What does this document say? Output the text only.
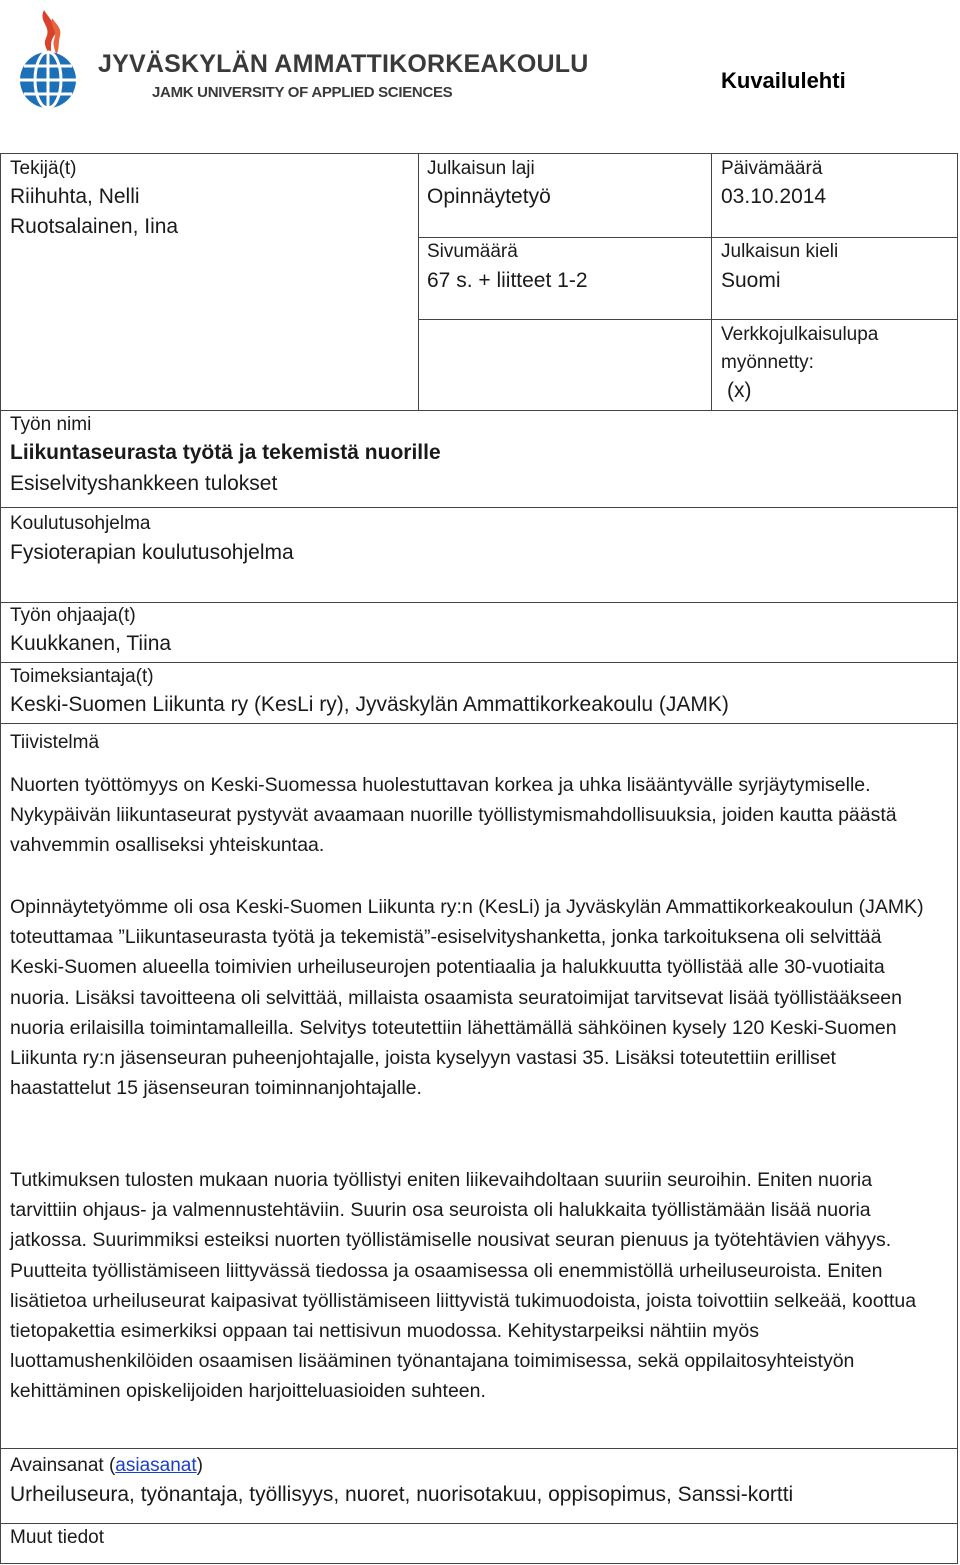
JYVÄSKYLÄN AMMATTIKORKEAKOULU
JAMK UNIVERSITY OF APPLIED SCIENCES	Kuvailulehti
Tekijä(t)
Riihuhta, Nelli
Ruotsalainen, Iina
Julkaisun laji
Opinnäytetyö
Päivämäärä
03.10.2014
Sivumäärä
67 s. + liitteet 1-2
Julkaisun kieli
Suomi
Verkkojulkaisulupa
myönnetty:
(x)
Työn nimi
Liikuntaseurasta työtä ja tekemistä nuorille
Esiselvityshankkeen tulokset
Koulutusohjelma
Fysioterapian koulutusohjelma
Työn ohjaaja(t)
Kuukkanen, Tiina
Toimeksiantaja(t)
Keski-Suomen Liikunta ry (KesLi ry), Jyväskylän Ammattikorkeakoulu (JAMK)
Tiivistelmä

Nuorten työttömyys on Keski-Suomessa huolestuttavan korkea ja uhka lisääntyvälle syrjäytymiselle. Nykypäivän liikuntaseurat pystyvät avaamaan nuorille työllistymismahdollisuuksia, joiden kautta päästä vahvemmin osalliseksi yhteiskuntaa.

Opinnäytetyömme oli osa Keski-Suomen Liikunta ry:n (KesLi) ja Jyväskylän Ammattikorkeakoulun (JAMK) toteuttamaa ”Liikuntaseurasta työtä ja tekemistä”-esiselvityshanketta, jonka tarkoituksena oli selvittää Keski-Suomen alueella toimivien urheiluseurojen potentiaalia ja halukkuutta työllistää alle 30-vuotiaita nuoria. Lisäksi tavoitteena oli selvittää, millaista osaamista seuratoimijat tarvitsevat lisää työllistääkseen nuoria erilaisilla toimintamalleilla. Selvitys toteutettiin lähettämällä sähköinen kysely 120 Keski-Suomen Liikunta ry:n jäsenseuran puheenjohtajalle, joista kyselyyn vastasi 35. Lisäksi toteutettiin erilliset haastattelut 15 jäsenseuran toiminnanjohtajalle.

Tutkimuksen tulosten mukaan nuoria työllistyi eniten liikevaihdoltaan suuriin seuroihin. Eniten nuoria tarvittiin ohjaus- ja valmennustehtäviin. Suurin osa seuroista oli halukkaita työllistämään lisää nuoria jatkossa. Suurimmiksi esteiksi nuorten työllistämiselle nousivat seuran pienuus ja työtehtävien vähyys. Puutteita työllistämiseen liittyvässä tiedossa ja osaamisessa oli enemmistöllä urheiluseuroista. Eniten lisätietoa urheiluseurat kaipasivat työllistämiseen liittyvistä tukimuodoista, joista toivottiin selkeää, koottua tietopakettia esimerkiksi oppaan tai nettisivun muodossa. Kehitystarpeiksi nähtiin myös luottamushenkilöiden osaamisen lisääminen työnantajana toimimisessa, sekä oppilaitosyhteistyön kehittäminen opiskelijoiden harjoitteluasioiden suhteen.

Avainsanat (asiasanat)
Urheiluseura, työnantaja, työllisyys, nuoret, nuorisotakuu, oppisopimus, Sanssi-kortti
Muut tiedot
